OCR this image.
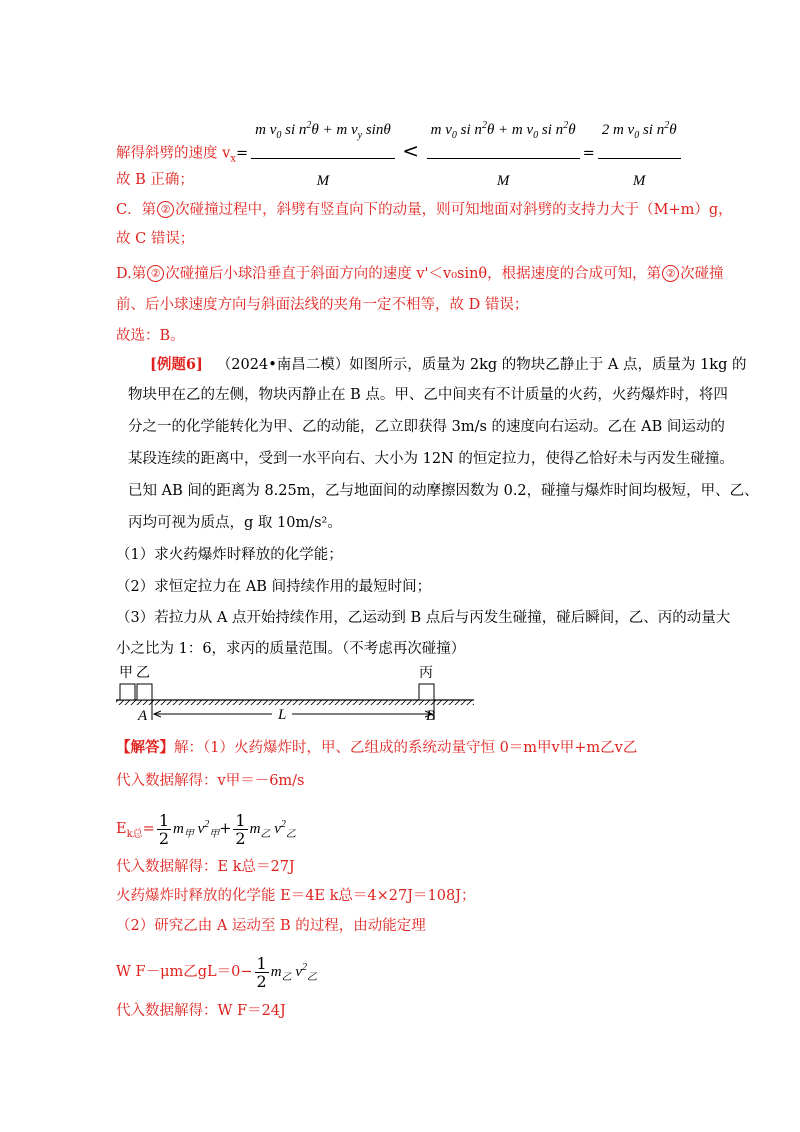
解得斜劈的速度 $v_x= \frac{m v_0 si n^2\theta + m v_y \sin\theta}{M} < \frac{m v_0 si n^2\theta + m v_0 si n^2\theta}{M} = \frac{2 m v_0 si n^2\theta}{M}$
故 B 正确；
C．第 ② 次碰撞过程中，斜劈有竖直向下的动量，则可知地面对斜劈的支持力大于（M+m）g，
故 C 错误；
D.第 ② 次碰撞后小球沿垂直于斜面方向的速度 v'＜v₀sinθ，根据速度的合成可知，第 ② 次碰撞
前、后小球速度方向与斜面法线的夹角一定不相等，故 D 错误；
故选：B。
[例题6] （2024•南昌二模）如图所示，质量为 2kg 的物块乙静止于 A 点，质量为 1kg 的
物块甲在乙的左侧，物块丙静止在 B 点。甲、乙中间夹有不计质量的火药，火药爆炸时，将四
分之一的化学能转化为甲、乙的动能，乙立即获得 3m/s 的速度向右运动。乙在 AB 间运动的
某段连续的距离中，受到一水平向右、大小为 12N 的恒定拉力，使得乙恰好未与丙发生碰撞。
已知 AB 间的距离为 8.25m，乙与地面间的动摩擦因数为 0.2，碰撞与爆炸时间均极短，甲、乙、
丙均可视为质点，g 取 10m/s²。
（1）求火药爆炸时释放的化学能；
（2）求恒定拉力在 AB 间持续作用的最短时间；
（3）若拉力从 A 点开始持续作用，乙运动到 B 点后与丙发生碰撞，碰后瞬间，乙、丙的动量大
小之比为 1：6，求丙的质量范围。（不考虑再次碰撞）
甲 乙	丙
A	L	B
【解答】解：（1）火药爆炸时，甲、乙组成的系统动量守恒 0＝m甲v甲+m乙v乙
代入数据解得：v甲＝－6m/s
$E_{k总}= \frac{1}{2} m_甲$ $v^2_甲+ \frac{1}{2} m_乙$ $v^2_乙$
代入数据解得：E k总＝27J
火药爆炸时释放的化学能 E＝4E k总＝4×27J＝108J；
（2）研究乙由 A 运动至 B 的过程，由动能定理
W F－μm乙$gL=0- \frac{1}{2} m_乙$ $v^2_乙$
代入数据解得：W F＝24J
